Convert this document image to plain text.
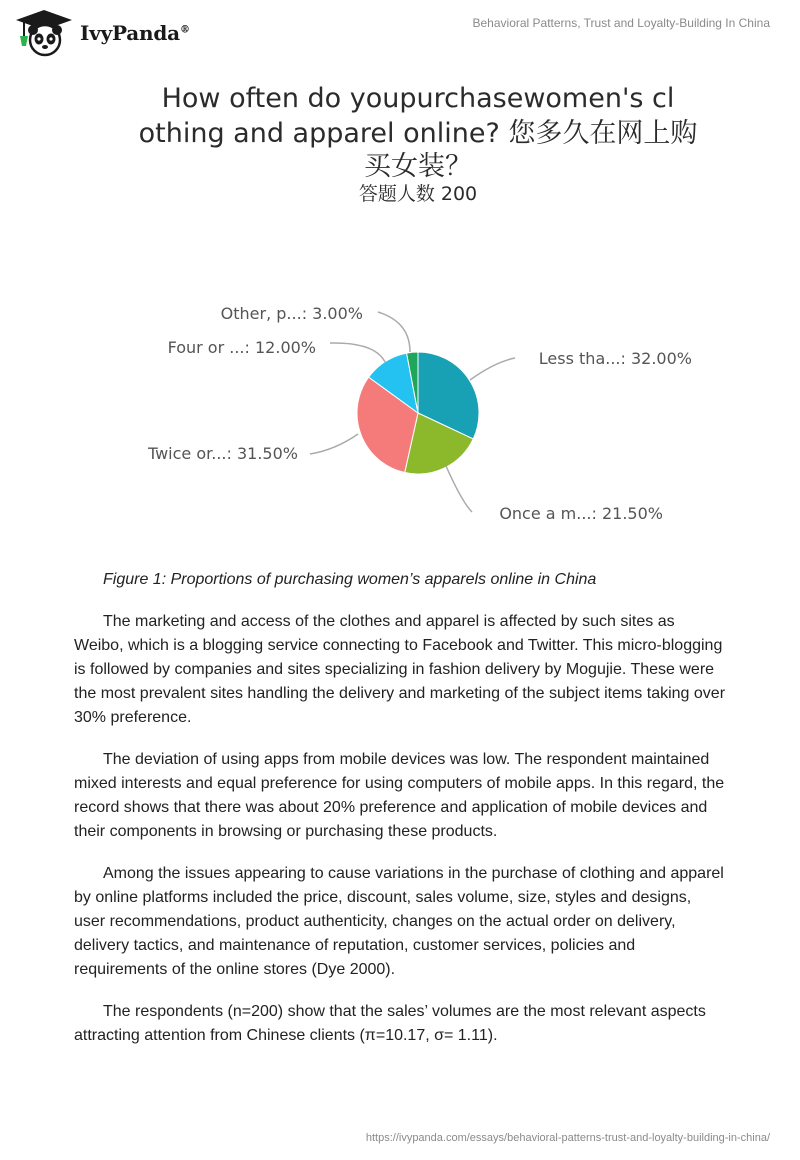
IvyPanda®	Behavioral Patterns, Trust and Loyalty-Building In China
How often do youpurchasewomen's cl
othing and apparel online? 您多久在网上购
买女装？
答题人数 200
Less tha...: 32.00%
Once a m...: 21.50%
Twice or...: 31.50%
Four or ...: 12.00%
Other, p...: 3.00%
Figure 1: Proportions of purchasing women’s apparels online in China

The marketing and access of the clothes and apparel is affected by such sites as Weibo, which is a blogging service connecting to Facebook and Twitter. This micro-blogging is followed by companies and sites specializing in fashion delivery by Mogujie. These were the most prevalent sites handling the delivery and marketing of the subject items taking over 30% preference.

The deviation of using apps from mobile devices was low. The respondent maintained mixed interests and equal preference for using computers of mobile apps. In this regard, the record shows that there was about 20% preference and application of mobile devices and their components in browsing or purchasing these products.

Among the issues appearing to cause variations in the purchase of clothing and apparel by online platforms included the price, discount, sales volume, size, styles and designs, user recommendations, product authenticity, changes on the actual order on delivery, delivery tactics, and maintenance of reputation, customer services, policies and requirements of the online stores (Dye 2000).

The respondents (n=200) show that the sales’ volumes are the most relevant aspects attracting attention from Chinese clients (π=10.17, σ= 1.11).

https://ivypanda.com/essays/behavioral-patterns-trust-and-loyalty-building-in-china/
